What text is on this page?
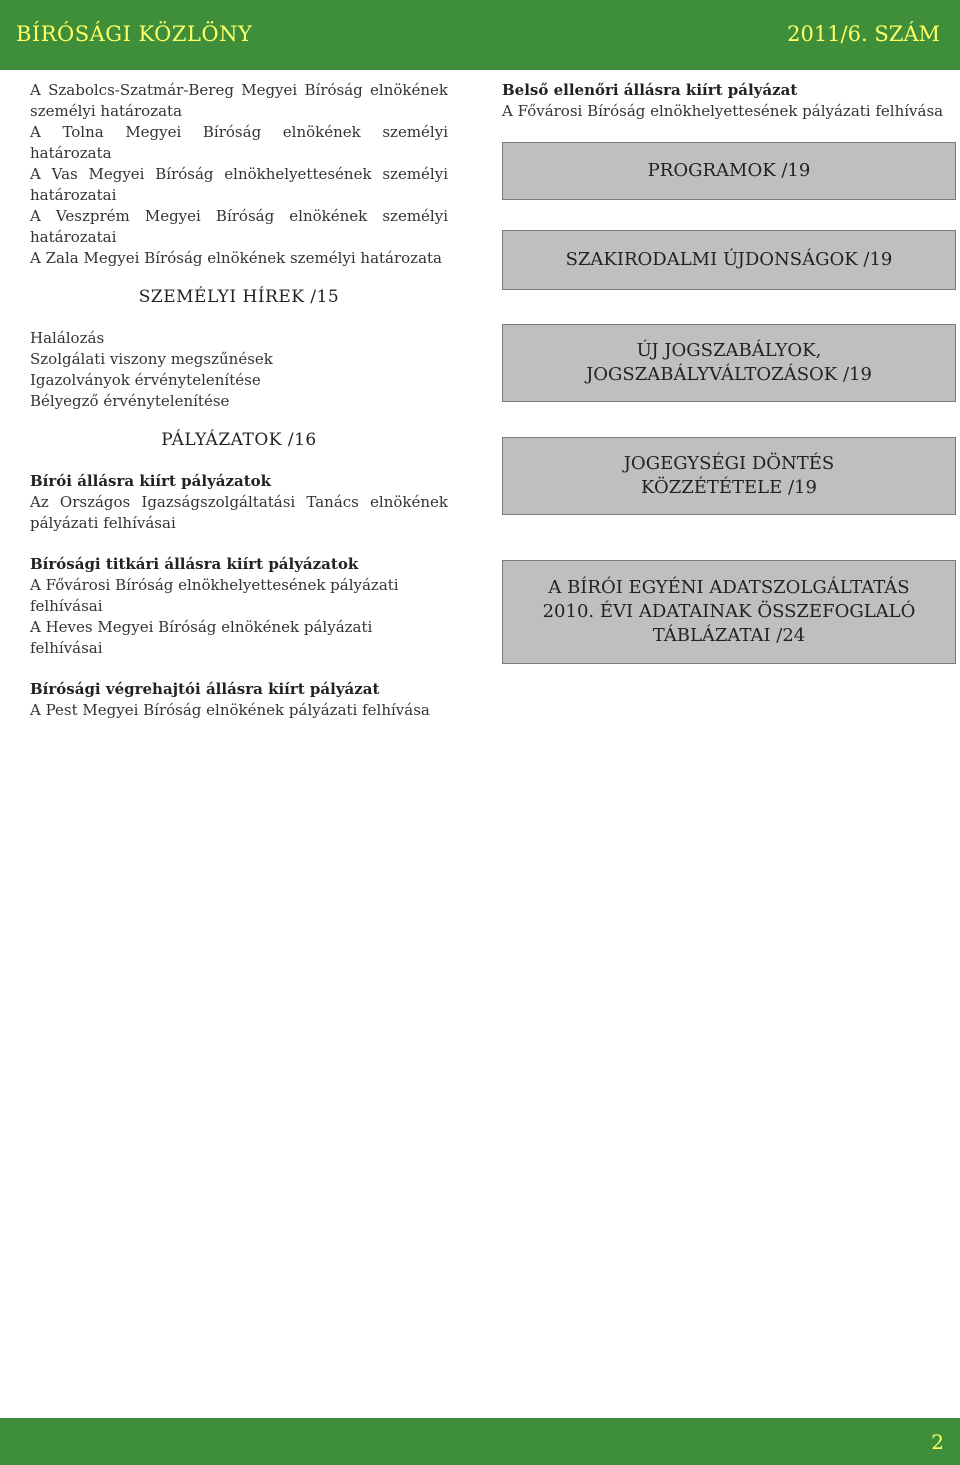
BÍRÓSÁGI KÖZLÖNY	2011/6. SZÁM
A Szabolcs-Szatmár-Bereg Megyei Bíróság elnökének személyi határozata
A Tolna Megyei Bíróság elnökének személyi határozata
A Vas Megyei Bíróság elnökhelyettesének személyi határozatai
A Veszprém Megyei Bíróság elnökének személyi határozatai
A Zala Megyei Bíróság elnökének személyi határozata
SZEMÉLYI HÍREK /15
Halálozás
Szolgálati viszony megszűnések
Igazolványok érvénytelenítése
Bélyegző érvénytelenítése
PÁLYÁZATOK /16
Bírói állásra kiírt pályázatok
Az Országos Igazságszolgáltatási Tanács elnökének pályázati felhívásai
Bírósági titkári állásra kiírt pályázatok
A Fővárosi Bíróság elnökhelyettesének pályázati felhívásai
A Heves Megyei Bíróság elnökének pályázati felhívásai
Bírósági végrehajtói állásra kiírt pályázat
A Pest Megyei Bíróság elnökének pályázati felhívása
Belső ellenőri állásra kiírt pályázat
A Fővárosi Bíróság elnökhelyettesének pályázati felhívása
PROGRAMOK /19
SZAKIRODALMI ÚJDONSÁGOK /19
ÚJ JOGSZABÁLYOK,
JOGSZABÁLYVÁLTOZÁSOK /19
JOGEGYSÉGI DÖNTÉS
KÖZZÉTÉTELE /19
A BÍRÓI EGYÉNI ADATSZOLGÁLTATÁS
2010. ÉVI ADATAINAK ÖSSZEFOGLALÓ
TÁBLÁZATAI /24
2
